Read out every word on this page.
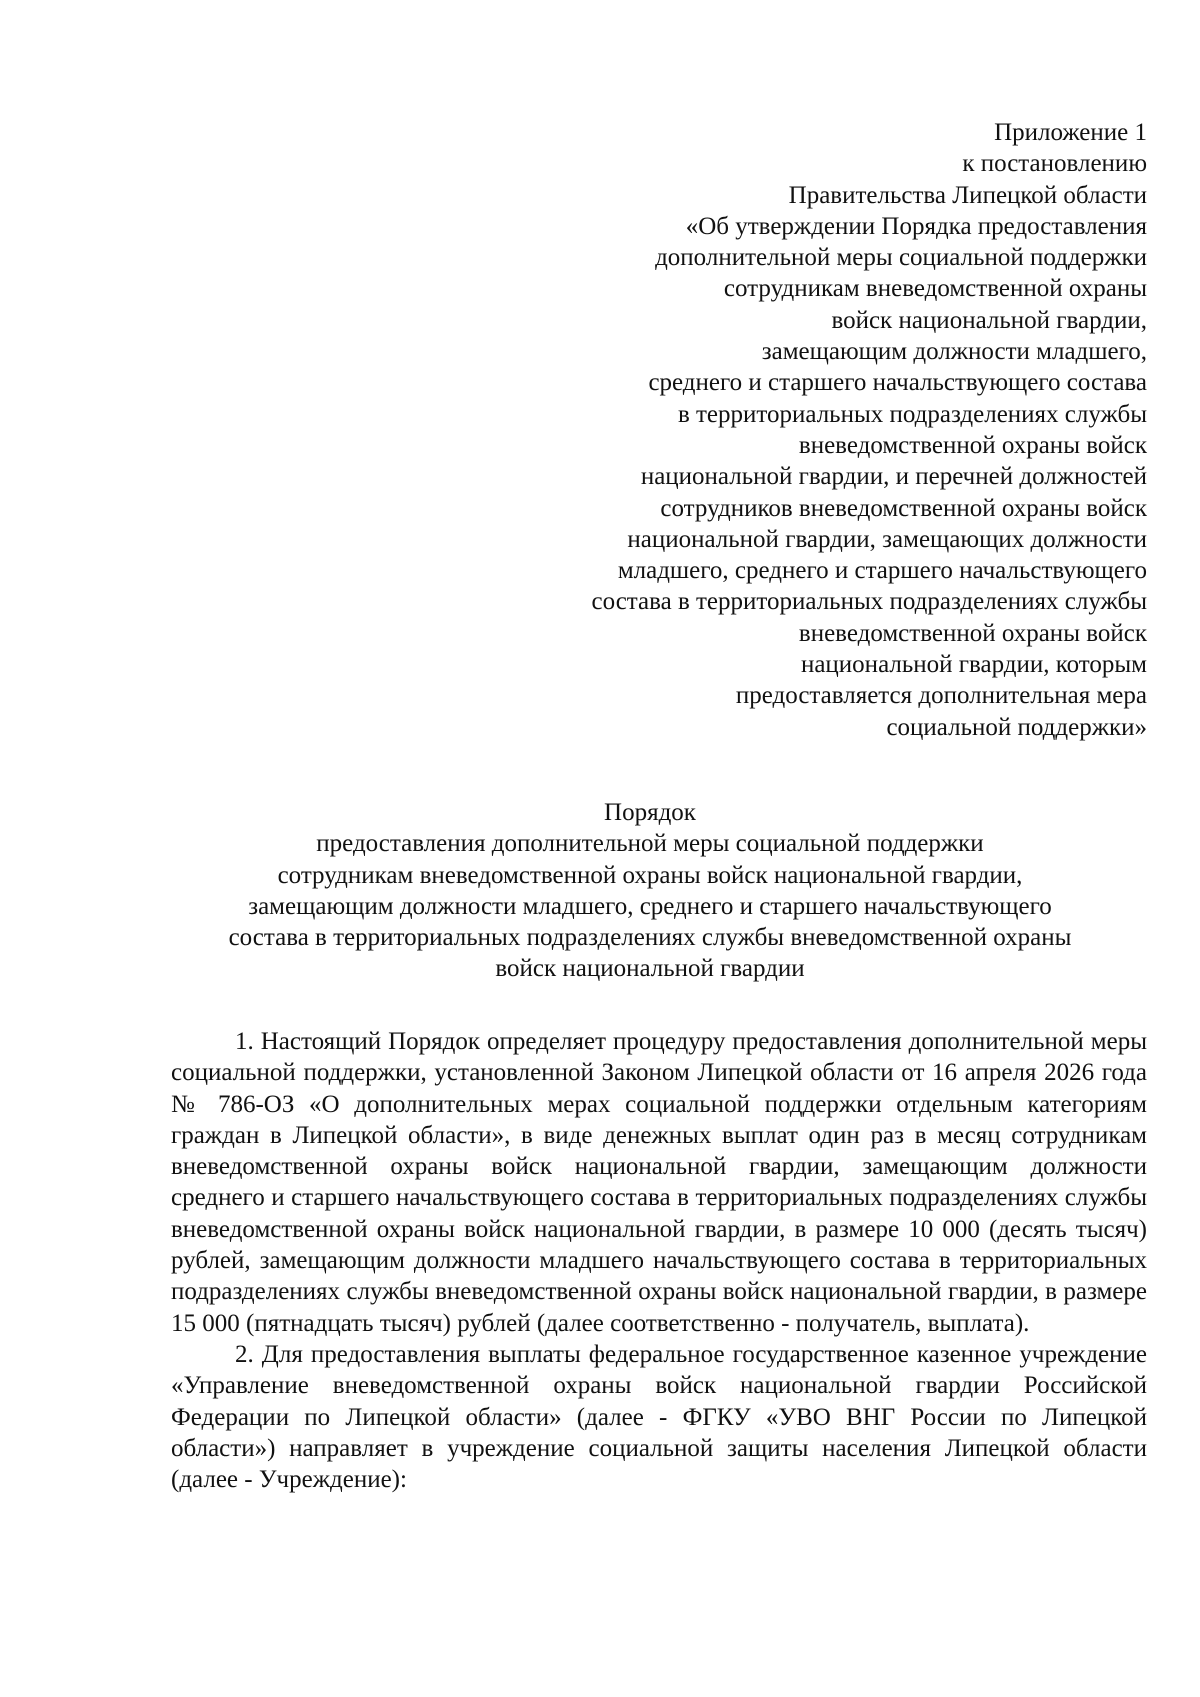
Приложение 1
к постановлению
Правительства Липецкой области
«Об утверждении Порядка предоставления
дополнительной меры социальной поддержки
сотрудникам вневедомственной охраны
войск национальной гвардии,
замещающим должности младшего,
среднего и старшего начальствующего состава
в территориальных подразделениях службы
вневедомственной охраны войск
национальной гвардии, и перечней должностей
сотрудников вневедомственной охраны войск
национальной гвардии, замещающих должности
младшего, среднего и старшего начальствующего
состава в территориальных подразделениях службы
вневедомственной охраны войск
национальной гвардии, которым
предоставляется дополнительная мера
социальной поддержки»
Порядок
предоставления дополнительной меры социальной поддержки
сотрудникам вневедомственной охраны войск национальной гвардии,
замещающим должности младшего, среднего и старшего начальствующего
состава в территориальных подразделениях службы вневедомственной охраны
войск национальной гвардии

1. Настоящий Порядок определяет процедуру предоставления дополнительной меры социальной поддержки, установленной Законом Липецкой области от 16 апреля 2026 года № 786-ОЗ «О дополнительных мерах социальной поддержки отдельным категориям граждан в Липецкой области», в виде денежных выплат один раз в месяц сотрудникам вневедомственной охраны войск национальной гвардии, замещающим должности среднего и старшего начальствующего состава в территориальных подразделениях службы вневедомственной охраны войск национальной гвардии, в размере 10 000 (десять тысяч) рублей, замещающим должности младшего начальствующего состава в территориальных подразделениях службы вневедомственной охраны войск национальной гвардии, в размере 15 000 (пятнадцать тысяч) рублей (далее соответственно - получатель, выплата).

2. Для предоставления выплаты федеральное государственное казенное учреждение «Управление вневедомственной охраны войск национальной гвардии Российской Федерации по Липецкой области» (далее - ФГКУ «УВО ВНГ России по Липецкой области») направляет в учреждение социальной защиты населения Липецкой области (далее - Учреждение):
